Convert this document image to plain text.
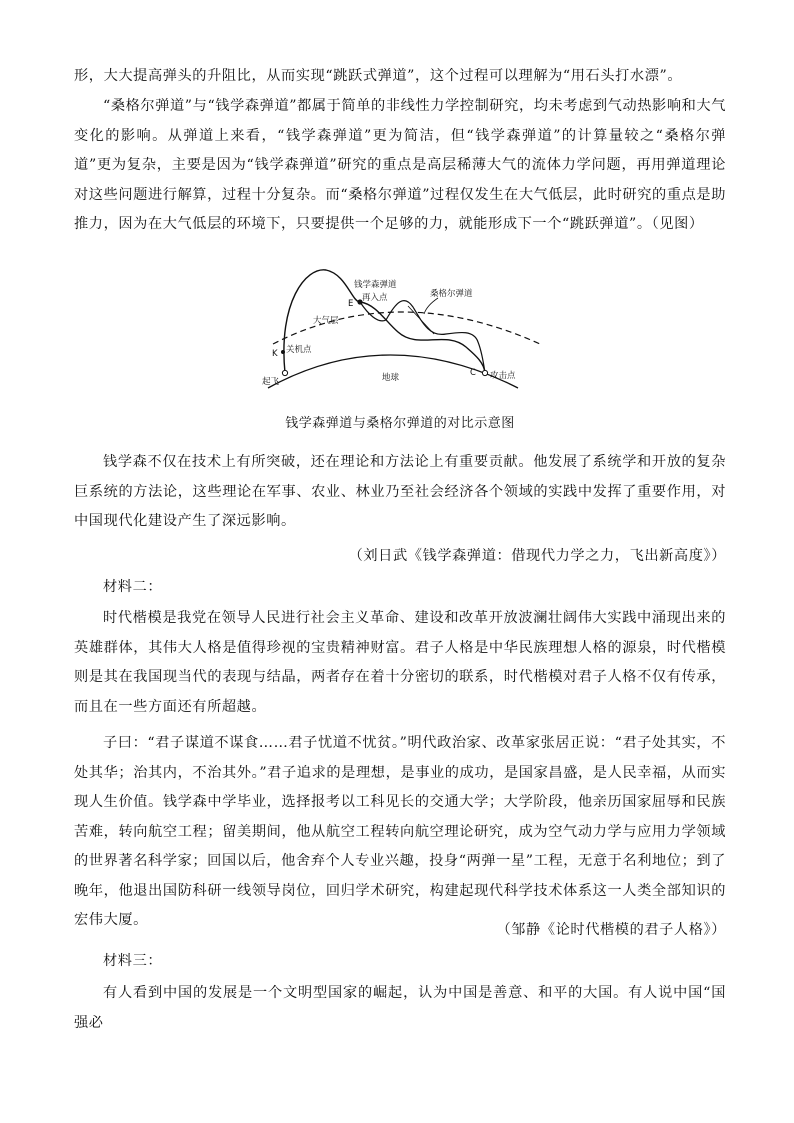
形，大大提高弹头的升阻比，从而实现“跳跃式弹道”，这个过程可以理解为“用石头打水漂”。

“桑格尔弹道”与“钱学森弹道”都属于简单的非线性力学控制研究，均未考虑到气动热影响和大气变化的影响。从弹道上来看，“钱学森弹道”更为简洁，但“钱学森弹道”的计算量较之“桑格尔弹道”更为复杂，主要是因为“钱学森弹道”研究的重点是高层稀薄大气的流体力学问题，再用弹道理论对这些问题进行解算，过程十分复杂。而“桑格尔弹道”过程仅发生在大气低层，此时研究的重点是助推力，因为在大气低层的环境下，只要提供一个足够的力，就能形成下一个“跳跃弹道”。（见图）

钱学森弹道
再入点	桑格尔弹道
大气层
E
K 关机点
起飞	地球	C 攻击点
钱学森弹道与桑格尔弹道的对比示意图

钱学森不仅在技术上有所突破，还在理论和方法论上有重要贡献。他发展了系统学和开放的复杂巨系统的方法论，这些理论在军事、农业、林业乃至社会经济各个领域的实践中发挥了重要作用，对中国现代化建设产生了深远影响。

（刘日武《钱学森弹道：借现代力学之力，飞出新高度》）

材料二：

时代楷模是我党在领导人民进行社会主义革命、建设和改革开放波澜壮阔伟大实践中涌现出来的英雄群体，其伟大人格是值得珍视的宝贵精神财富。君子人格是中华民族理想人格的源泉，时代楷模则是其在我国现当代的表现与结晶，两者存在着十分密切的联系，时代楷模对君子人格不仅有传承，而且在一些方面还有所超越。

子曰：“君子谋道不谋食……君子忧道不忧贫。”明代政治家、改革家张居正说：“君子处其实，不处其华；治其内，不治其外。”君子追求的是理想，是事业的成功，是国家昌盛，是人民幸福，从而实现人生价值。钱学森中学毕业，选择报考以工科见长的交通大学；大学阶段，他亲历国家屈辱和民族苦难，转向航空工程；留美期间，他从航空工程转向航空理论研究，成为空气动力学与应用力学领域的世界著名科学家；回国以后，他舍弃个人专业兴趣，投身“两弹一星”工程，无意于名利地位；到了晚年，他退出国防科研一线领导岗位，回归学术研究，构建起现代科学技术体系这一人类全部知识的宏伟大厦。

（邹静《论时代楷模的君子人格》）

材料三：

有人看到中国的发展是一个文明型国家的崛起，认为中国是善意、和平的大国。有人说中国“国强必
